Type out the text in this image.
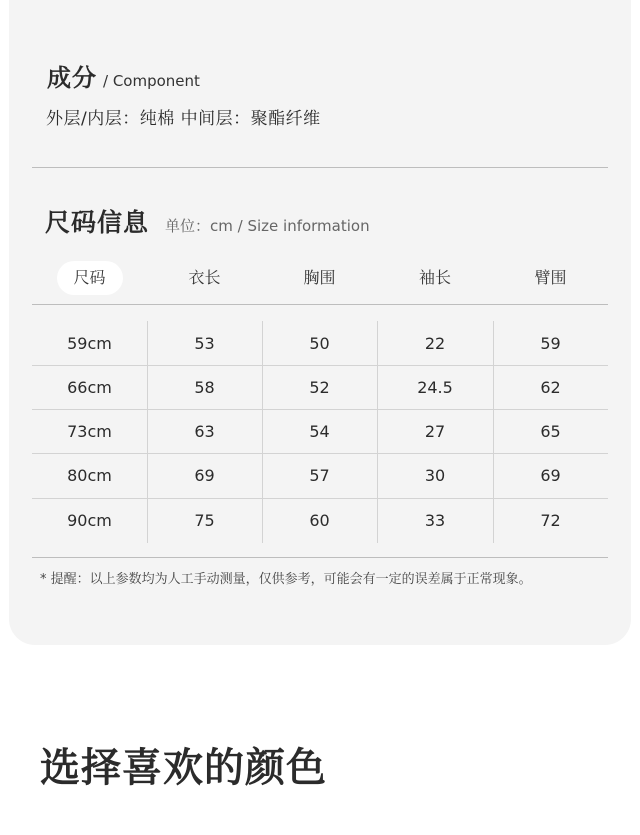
成分 / Component
外层/内层：纯棉 中间层：聚酯纤维
尺码信息 单位：cm / Size information
尺码	衣长	胸围	袖长	臂围
59cm	53	50	22	59
66cm	58	52	24.5	62
73cm	63	54	27	65
80cm	69	57	30	69
90cm	75	60	33	72
* 提醒：以上参数均为人工手动测量，仅供参考，可能会有一定的误差属于正常现象。
选择喜欢的颜色
